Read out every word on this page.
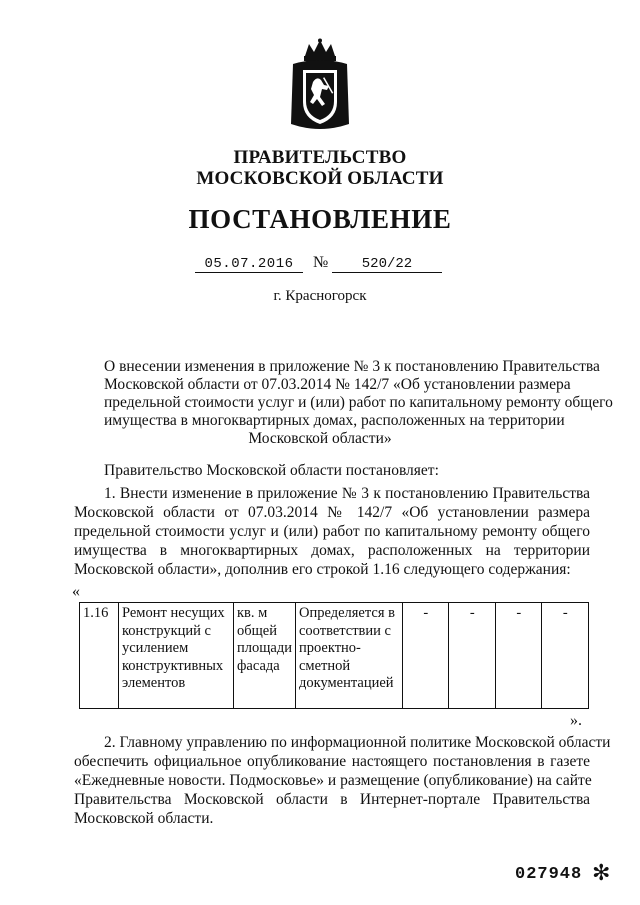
ПРАВИТЕЛЬСТВО
МОСКОВСКОЙ ОБЛАСТИ
ПОСТАНОВЛЕНИЕ
05.07.2016	№	520/22
г. Красногорск
О внесении изменения в приложение № 3 к постановлению Правительства
Московской области от 07.03.2014 № 142/7 «Об установлении размера
предельной стоимости услуг и (или) работ по капитальному ремонту общего
имущества в многоквартирных домах, расположенных на территории
Московской области»
Правительство Московской области постановляет:
1. Внести изменение в приложение № 3 к постановлению Правительства
Московской области от 07.03.2014 № 142/7 «Об установлении размера
предельной стоимости услуг и (или) работ по капитальному ремонту общего
имущества в многоквартирных домах, расположенных на территории
Московской области», дополнив его строкой 1.16 следующего содержания:
«
1.16	Ремонт несущих конструкций с усилением конструктивных элементов	кв. м общей площади фасада	Определяется в соответствии с проектно-сметной документацией	-	-	-	-
».
2. Главному управлению по информационной политике Московской области
обеспечить официальное опубликование настоящего постановления в газете
«Ежедневные новости. Подмосковье» и размещение (опубликование) на сайте
Правительства Московской области в Интернет-портале Правительства
Московской области.
027948 ✻
